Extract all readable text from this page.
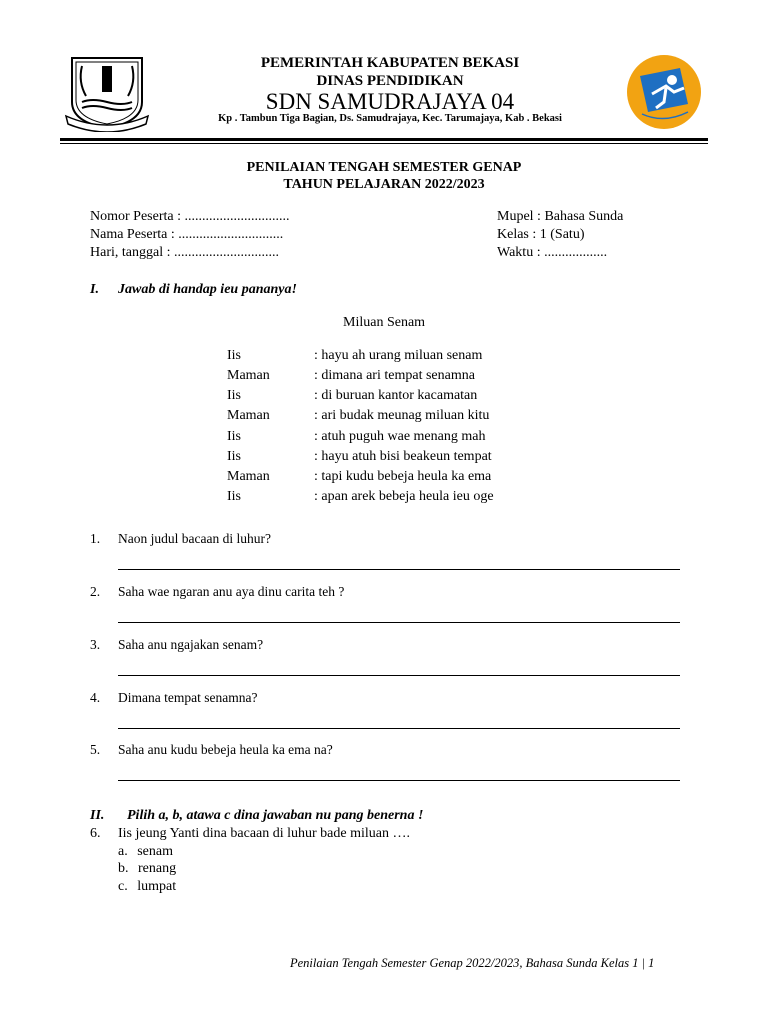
PEMERINTAH KABUPATEN BEKASI
DINAS PENDIDIKAN
SDN SAMUDRAJAYA 04
Kp . Tambun Tiga Bagian, Ds. Samudrajaya, Kec. Tarumajaya, Kab . Bekasi
PENILAIAN TENGAH SEMESTER GENAP
TAHUN PELAJARAN 2022/2023
Nomor Peserta : ..............................
Nama Peserta : ..............................
Hari, tanggal : ..............................
Mupel : Bahasa Sunda
Kelas : 1 (Satu)
Waktu : ..................
I. Jawab di handap ieu pananya!
Miluan Senam
Iis	: hayu ah urang miluan senam
Maman	: dimana ari tempat senamna
Iis	: di buruan kantor kacamatan
Maman	: ari budak meunag miluan kitu
Iis	: atuh puguh wae menang mah
Iis	: hayu atuh bisi beakeun tempat
Maman	: tapi kudu bebeja heula ka ema
Iis	: apan arek bebeja heula ieu oge
1. Naon judul bacaan di luhur?
2. Saha wae ngaran anu aya dinu carita teh ?
3. Saha anu ngajakan senam?
4. Dimana tempat senamna?
5. Saha anu kudu bebeja heula ka ema na?
II. Pilih a, b, atawa c dina jawaban nu pang benerna !
6. Iis jeung Yanti dina bacaan di luhur bade miluan ….
a. senam
b. renang
c. lumpat
Penilaian Tengah Semester Genap 2022/2023, Bahasa Sunda Kelas 1 | 1
